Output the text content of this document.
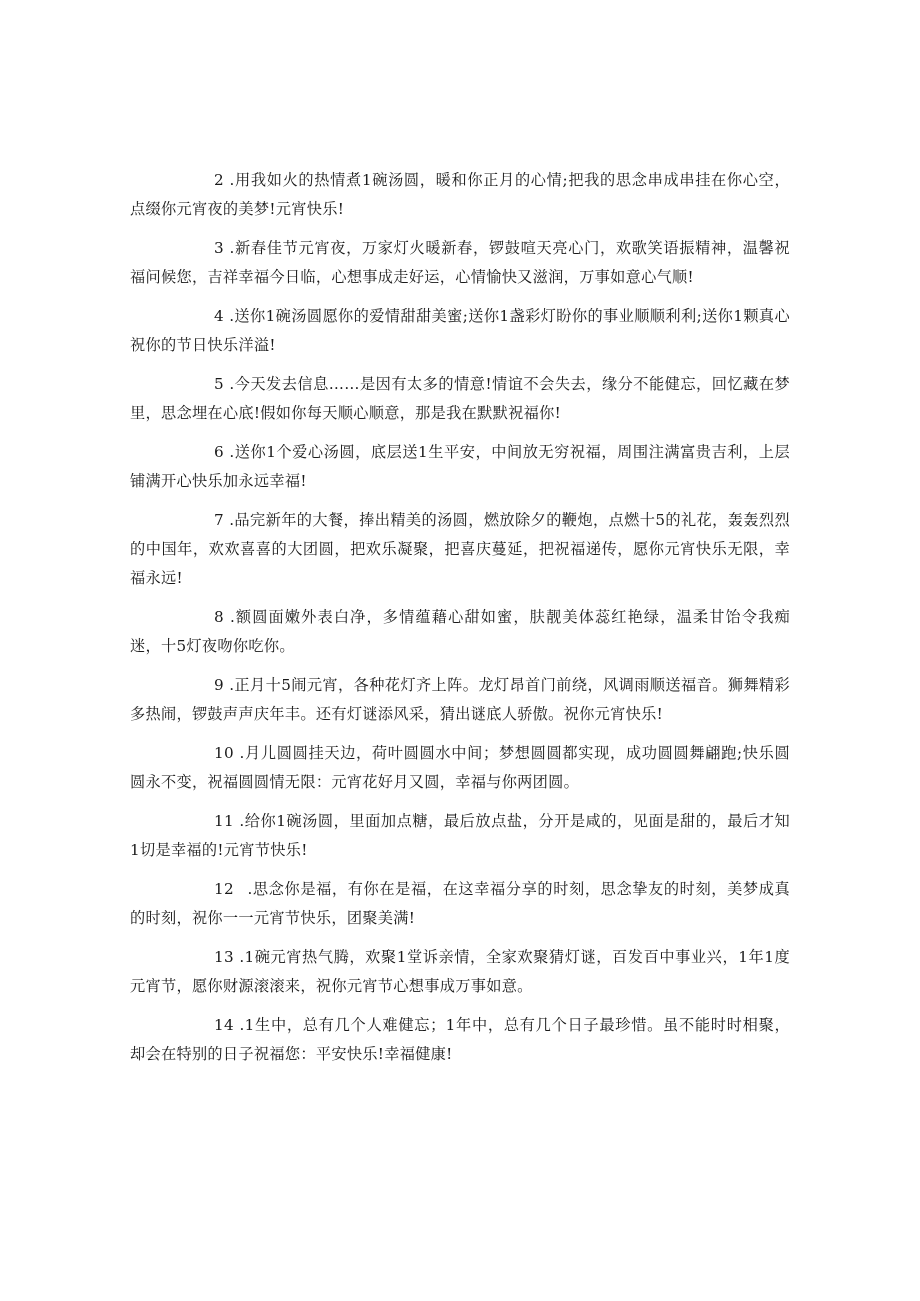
2 .用我如火的热情煮1碗汤圆，暖和你正月的心情;把我的思念串成串挂在你心空，点缀你元宵夜的美梦!元宵快乐!

3 .新春佳节元宵夜，万家灯火暖新春，锣鼓喧天亮心门，欢歌笑语振精神，温馨祝福问候您，吉祥幸福今日临，心想事成走好运，心情愉快又滋润，万事如意心气顺!

4 .送你1碗汤圆愿你的爱情甜甜美蜜;送你1盏彩灯盼你的事业顺顺利利;送你1颗真心祝你的节日快乐洋溢!

5 .今天发去信息……是因有太多的情意!情谊不会失去，缘分不能健忘，回忆藏在梦里，思念埋在心底!假如你每天顺心顺意，那是我在默默祝福你!

6 .送你1个爱心汤圆，底层送1生平安，中间放无穷祝福，周围注满富贵吉利，上层铺满开心快乐加永远幸福!

7 .品完新年的大餐，捧出精美的汤圆，燃放除夕的鞭炮，点燃十5的礼花，轰轰烈烈的中国年，欢欢喜喜的大团圆，把欢乐凝聚，把喜庆蔓延，把祝福递传，愿你元宵快乐无限，幸福永远!

8 .额圆面嫩外表白净，多情蕴藉心甜如蜜，肤靓美体蕊红艳绿，温柔甘饴令我痴迷，十5灯夜吻你吃你。

9 .正月十5闹元宵，各种花灯齐上阵。龙灯昂首门前绕，风调雨顺送福音。狮舞精彩多热闹，锣鼓声声庆年丰。还有灯谜添风采，猜出谜底人骄傲。祝你元宵快乐!

10 .月儿圆圆挂天边，荷叶圆圆水中间；梦想圆圆都实现，成功圆圆舞翩跑;快乐圆圆永不变，祝福圆圆情无限：元宵花好月又圆，幸福与你两团圆。

11 .给你1碗汤圆，里面加点糖，最后放点盐，分开是咸的，见面是甜的，最后才知1切是幸福的!元宵节快乐!

12 .思念你是福，有你在是福，在这幸福分享的时刻，思念挚友的时刻，美梦成真的时刻，祝你一一元宵节快乐，团聚美满!

13 .1碗元宵热气腾，欢聚1堂诉亲情，全家欢聚猜灯谜，百发百中事业兴，1年1度元宵节，愿你财源滚滚来，祝你元宵节心想事成万事如意。

14 .1生中，总有几个人难健忘；1年中，总有几个日子最珍惜。虽不能时时相聚，却会在特别的日子祝福您：平安快乐!幸福健康!
